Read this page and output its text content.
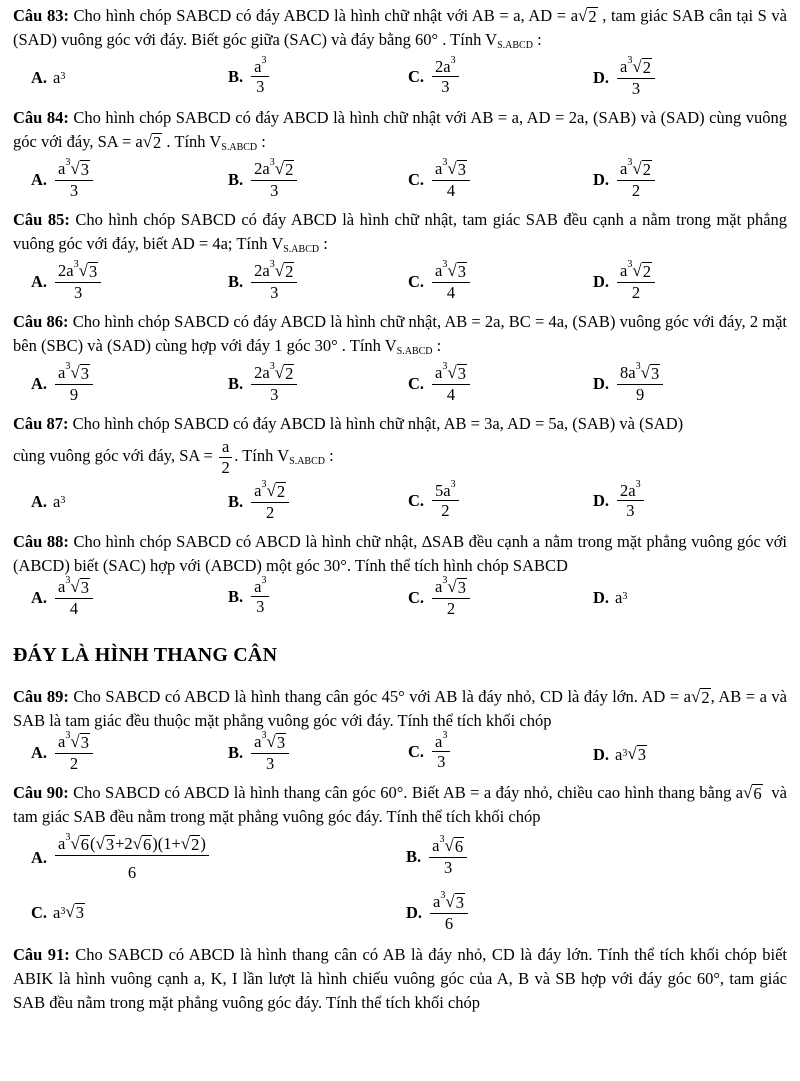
Câu 83: Cho hình chóp SABCD có đáy ABCD là hình chữ nhật với AB = a, AD = a √ 2 , tam giác SAB cân tại S và (SAD) vuông góc với đáy. Biết góc giữa (SAC) và đáy bằng 60° . Tính VS.ABCD :

A. $a^3$	B. $\frac{a^3}{3}$	C. $\frac{2a^3}{3}$	D. $\frac{a^3 √ 2}{3}$

Câu 84: Cho hình chóp SABCD có đáy ABCD là hình chữ nhật với AB = a, AD = 2a, (SAB) và (SAD) cùng vuông góc với đáy, SA = a √ 2 . Tính VS.ABCD :

A. $\frac{a^3 √ 3}{3}$	B. $\frac{2a^3 √ 2}{3}$	C. $\frac{a^3 √ 3}{4}$	D. $\frac{a^3 √ 2}{2}$

Câu 85: Cho hình chóp SABCD có đáy ABCD là hình chữ nhật, tam giác SAB đều cạnh a nằm trong mặt phẳng vuông góc với đáy, biết AD = 4a; Tính VS.ABCD :

A. $\frac{2a^3 √ 3}{3}$	B. $\frac{2a^3 √ 2}{3}$	C. $\frac{a^3 √ 3}{4}$	D. $\frac{a^3 √ 2}{2}$

Câu 86: Cho hình chóp SABCD có đáy ABCD là hình chữ nhật, AB = 2a, BC = 4a, (SAB) vuông góc với đáy, 2 mặt bên (SBC) và (SAD) cùng hợp với đáy 1 góc 30° . Tính VS.ABCD :

A. $\frac{a^3 √ 3}{9}$	B. $\frac{2a^3 √ 2}{3}$	C. $\frac{a^3 √ 3}{4}$	D. $\frac{8a^3 √ 3}{9}$

Câu 87: Cho hình chóp SABCD có đáy ABCD là hình chữ nhật, AB = 3a, AD = 5a, (SAB) và (SAD)

cùng vuông góc với đáy, SA = $\frac{a}{2}$ . Tính VS.ABCD :

A. $a^3$	B. $\frac{a^3 √ 2}{2}$	C. $\frac{5a^3}{2}$	D. $\frac{2a^3}{3}$

Câu 88: Cho hình chóp SABCD có ABCD là hình chữ nhật, ∆SAB đều cạnh a nằm trong mặt phẳng vuông góc với (ABCD) biết (SAC) hợp với (ABCD) một góc 30°. Tính thể tích hình chóp SABCD

A. $\frac{a^3 √ 3}{4}$	B. $\frac{a^3}{3}$	C. $\frac{a^3 √ 3}{2}$	D. $a^3$
ĐÁY LÀ HÌNH THANG CÂN

Câu 89: Cho SABCD có ABCD là hình thang cân góc 45° với AB là đáy nhỏ, CD là đáy lớn. AD = a √ 2 , AB = a và SAB là tam giác đều thuộc mặt phẳng vuông góc với đáy. Tính thể tích khối chóp

A. $\frac{a^3 √ 3}{2}$	B. $\frac{a^3 √ 3}{3}$	C. $\frac{a^3}{3}$	D. $a^3$ √ 3

Câu 90: Cho SABCD có ABCD là hình thang cân góc 60°. Biết AB = a đáy nhỏ, chiều cao hình thang bằng a √ 6 và tam giác SAB đều nằm trong mặt phẳng vuông góc đáy. Tính thể tích khối chóp

A. $\frac{a^3 √ 6 ( √ 3 +2 √ 6 )(1+ √ 2 )}{6}$	B. $\frac{a^3 √ 6}{3}$
C. $a^3$ √ 3	D. $\frac{a^3 √ 3}{6}$

Câu 91: Cho SABCD có ABCD là hình thang cân có AB là đáy nhỏ, CD là đáy lớn. Tính thể tích khối chóp biết ABIK là hình vuông cạnh a, K, I lần lượt là hình chiếu vuông góc của A, B và SB hợp với đáy góc 60°, tam giác SAB đều nằm trong mặt phẳng vuông góc đáy. Tính thể tích khối chóp
